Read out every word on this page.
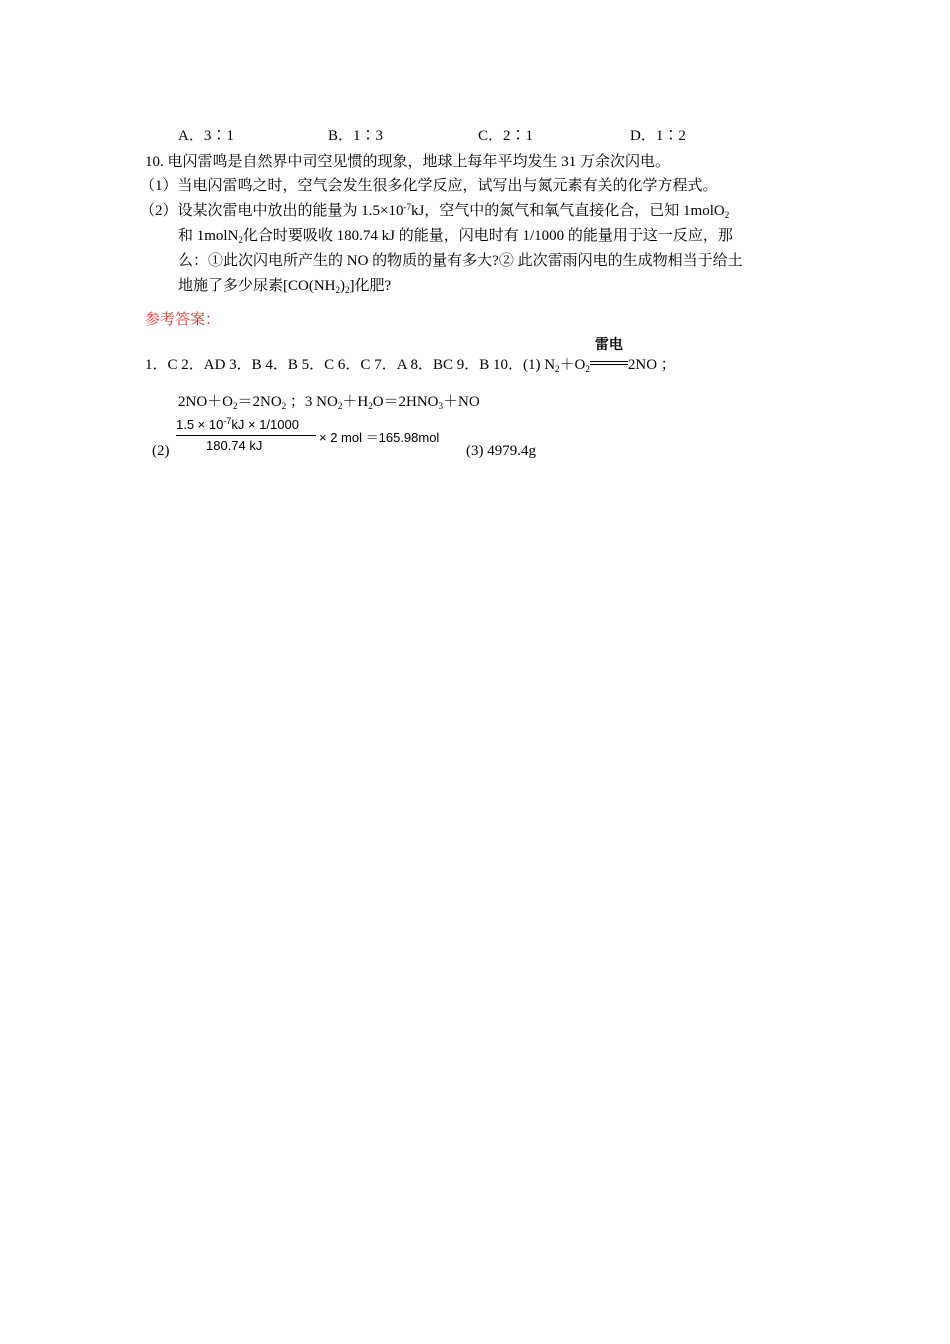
A．3∶1	B．1∶3	C．2∶1	D．1∶2
10. 电闪雷鸣是自然界中司空见惯的现象，地球上每年平均发生 31 万余次闪电。
（1）当电闪雷鸣之时，空气会发生很多化学反应，试写出与氮元素有关的化学方程式。
（2）设某次雷电中放出的能量为 $1.5\times 10^{-7}kJ$，空气中的氮气和氧气直接化合，已知 1molO$_2$
和 1molN$_2$化合时要吸收 180.74 kJ 的能量，闪电时有 1/1000 的能量用于这一反应，那
么：①此次闪电所产生的 NO 的物质的量有多大?② 此次雷雨闪电的生成物相当于给土
地施了多少尿素$[CO(NH_2)_2]$化肥?
参考答案：
1．C 2．AD 3．B 4．B 5．C 6．C 7．A 8．BC 9．B 10．(1) $N_2+O_2$
雷电
2NO ；
$2NO+O_2=2NO_2$ ；3 $NO_2+H_2O=2HNO_3+NO$
(2)
$1.5 \times 10^{-7}kJ \times 1/1000$
180.74 kJ
× 2 mol ＝165.98mol
(3) 4979.4g
